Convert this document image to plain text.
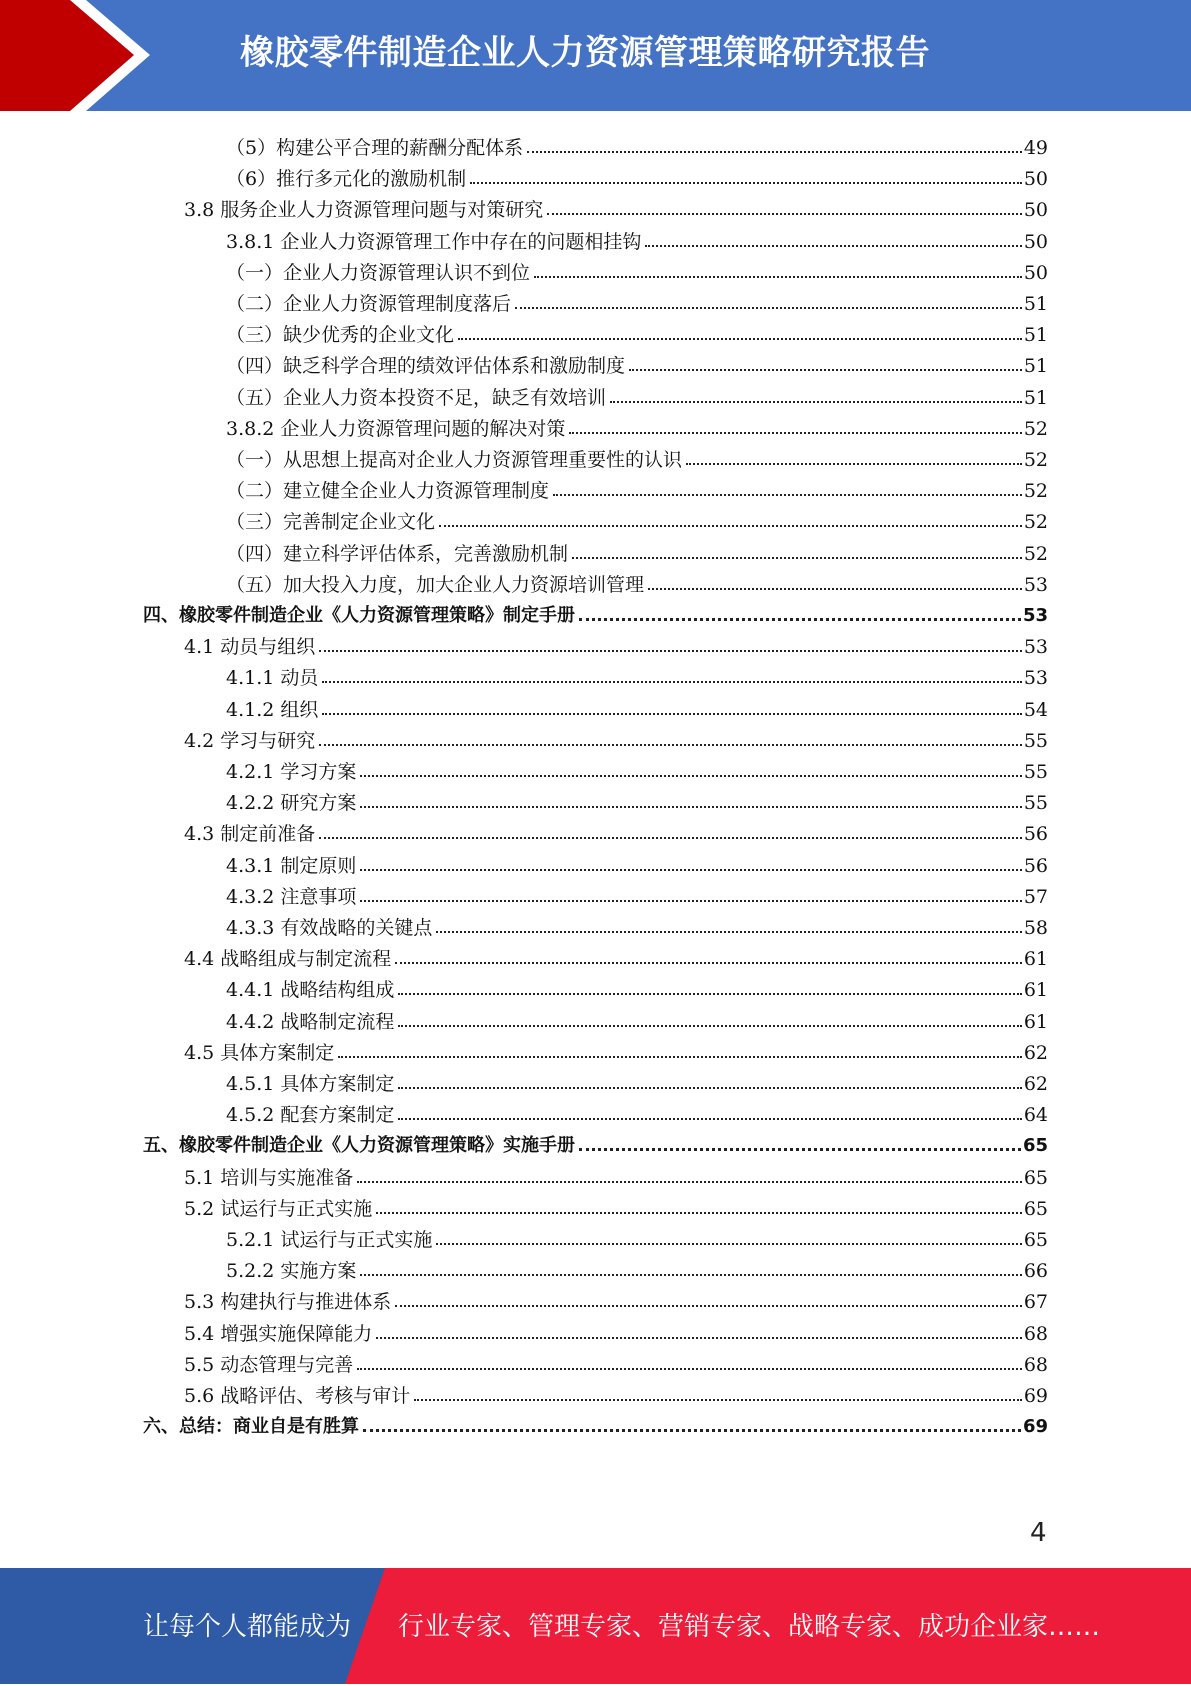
橡胶零件制造企业人力资源管理策略研究报告
（5）构建公平合理的薪酬分配体系	49
（6）推行多元化的激励机制	50
3.8 服务企业人力资源管理问题与对策研究	50
3.8.1 企业人力资源管理工作中存在的问题相挂钩	50
（一）企业人力资源管理认识不到位	50
（二）企业人力资源管理制度落后	51
（三）缺少优秀的企业文化	51
（四）缺乏科学合理的绩效评估体系和激励制度	51
（五）企业人力资本投资不足，缺乏有效培训	51
3.8.2 企业人力资源管理问题的解决对策	52
（一）从思想上提高对企业人力资源管理重要性的认识	52
（二）建立健全企业人力资源管理制度	52
（三）完善制定企业文化	52
（四）建立科学评估体系，完善激励机制	52
（五）加大投入力度，加大企业人力资源培训管理	53
四、橡胶零件制造企业《人力资源管理策略》制定手册	53
4.1 动员与组织	53
4.1.1 动员	53
4.1.2 组织	54
4.2 学习与研究	55
4.2.1 学习方案	55
4.2.2 研究方案	55
4.3 制定前准备	56
4.3.1 制定原则	56
4.3.2 注意事项	57
4.3.3 有效战略的关键点	58
4.4 战略组成与制定流程	61
4.4.1 战略结构组成	61
4.4.2 战略制定流程	61
4.5 具体方案制定	62
4.5.1 具体方案制定	62
4.5.2 配套方案制定	64
五、橡胶零件制造企业《人力资源管理策略》实施手册	65
5.1 培训与实施准备	65
5.2 试运行与正式实施	65
5.2.1 试运行与正式实施	65
5.2.2 实施方案	66
5.3 构建执行与推进体系	67
5.4 增强实施保障能力	68
5.5 动态管理与完善	68
5.6 战略评估、考核与审计	69
六、总结：商业自是有胜算	69
4
让每个人都能成为 行业专家、管理专家、营销专家、战略专家、成功企业家……
